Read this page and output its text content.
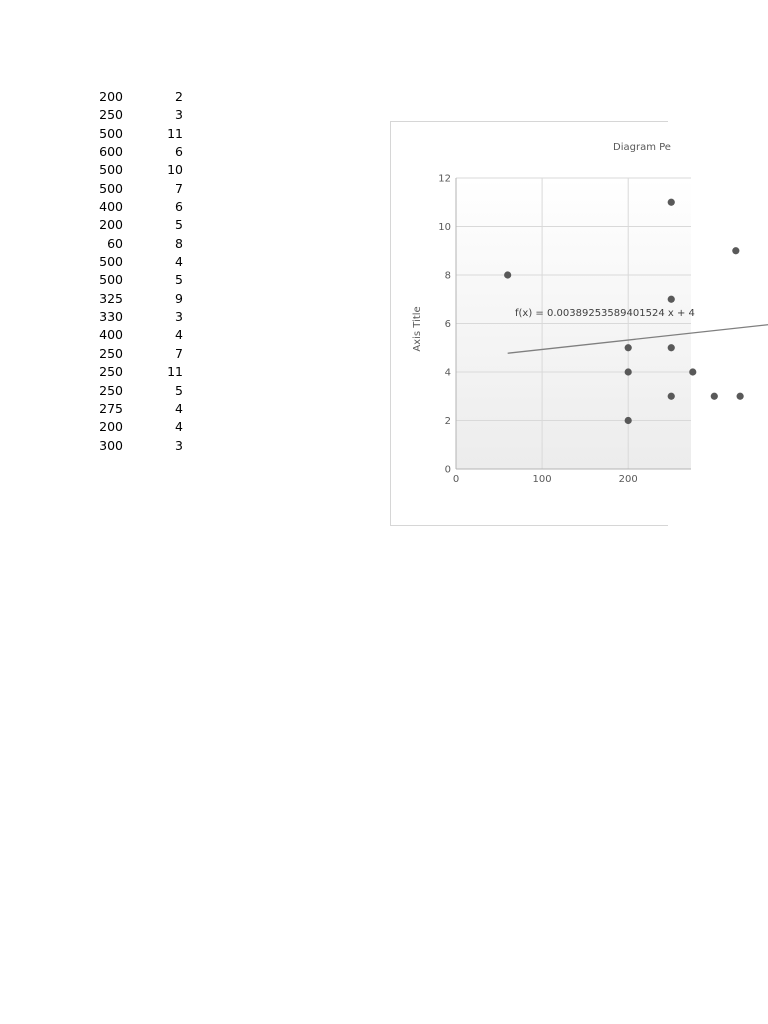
200	2
250	3
500	11
600	6
500	10
500	7
400	6
200	5
60	8
500	4
500	5
325	9
330	3
400	4
250	7
250	11
250	5
275	4
200	4
300	3
Diagram Pe
Axis Title
0
2
4
6
8
10
12
0	100	200
f(x) = 0.00389253589401524 x + 4
